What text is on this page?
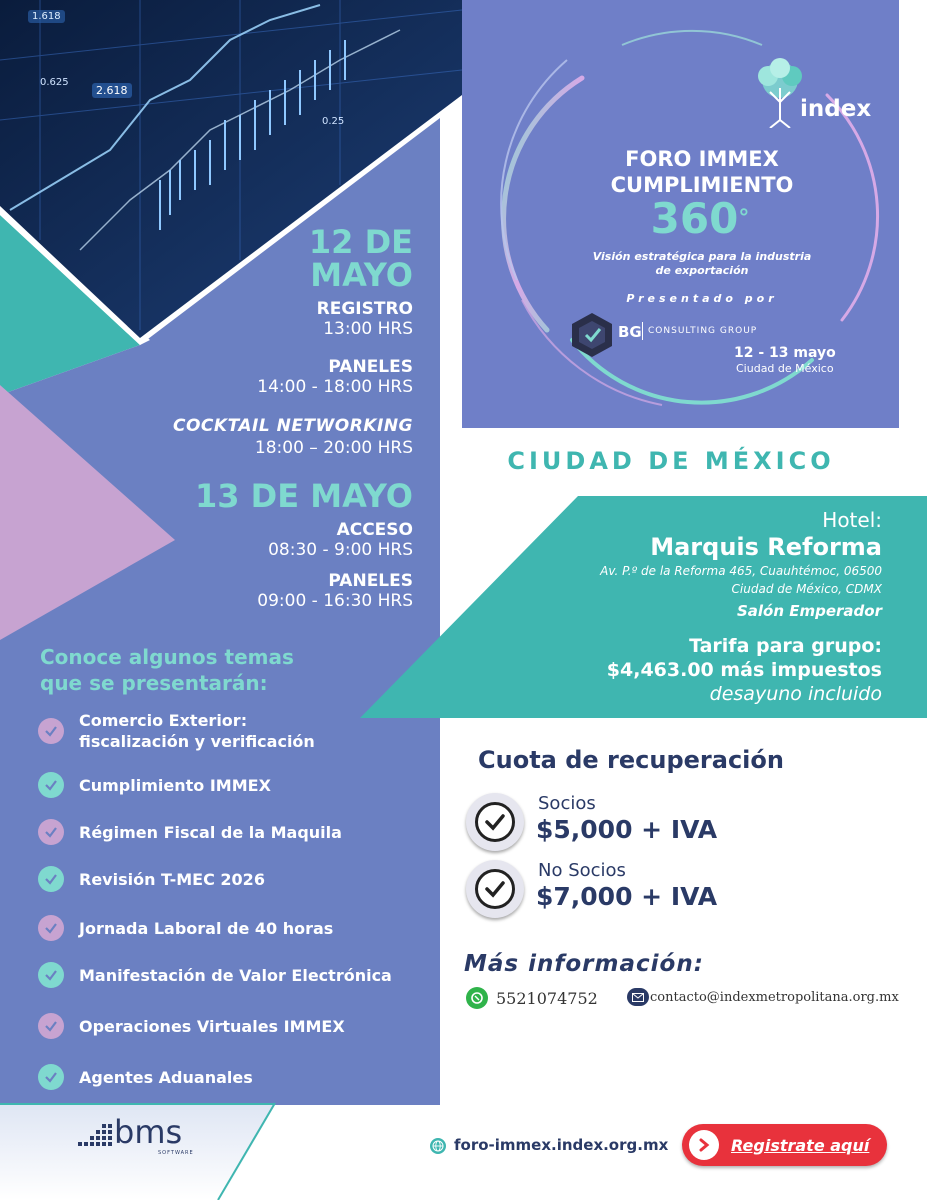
1.618
0.625
2.618
0.25	index
FORO IMMEX
CUMPLIMIENTO
360°
Visión estratégica para la industria
de exportación
Presentado por
BG CONSULTING GROUP
12 - 13 mayo
Ciudad de México
12 DE
MAYO
REGISTRO
13:00 HRS
PANELES
14:00 - 18:00 HRS
COCKTAIL NETWORKING
18:00 – 20:00 HRS
13 DE MAYO
ACCESO
08:30 - 9:00 HRS
PANELES
09:00 - 16:30 HRS
Conoce algunos temas
que se presentarán:
Comercio Exterior:
fiscalización y verificación
Cumplimiento IMMEX
Régimen Fiscal de la Maquila
Revisión T-MEC 2026
Jornada Laboral de 40 horas
Manifestación de Valor Electrónica
Operaciones Virtuales IMMEX
Agentes Aduanales
CIUDAD DE MÉXICO
Hotel:
Marquis Reforma
Av. P.º de la Reforma 465, Cuauhtémoc, 06500
Ciudad de México, CDMX
Salón Emperador
Tarifa para grupo:
$4,463.00 más impuestos
desayuno incluido
Cuota de recuperación
Socios
$5,000 + IVA
No Socios
$7,000 + IVA
Más información:
5521074752	contacto@indexmetropolitana.org.mx
bms
SOFTWARE	foro-immex.index.org.mx	Registrate aquí
